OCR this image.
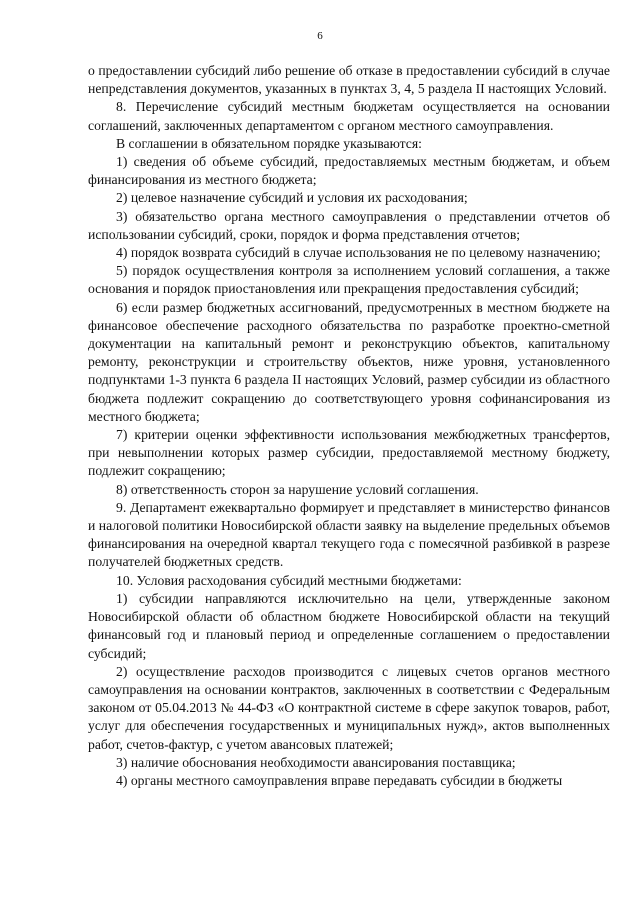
6

о предоставлении субсидий либо решение об отказе в предоставлении субсидий в случае непредставления документов, указанных в пунктах 3, 4, 5 раздела II настоящих Условий.

8. Перечисление субсидий местным бюджетам осуществляется на основании соглашений, заключенных департаментом с органом местного самоуправления.

В соглашении в обязательном порядке указываются:

1) сведения об объеме субсидий, предоставляемых местным бюджетам, и объем финансирования из местного бюджета;

2) целевое назначение субсидий и условия их расходования;

3) обязательство органа местного самоуправления о представлении отчетов об использовании субсидий, сроки, порядок и форма представления отчетов;

4) порядок возврата субсидий в случае использования не по целевому назначению;

5) порядок осуществления контроля за исполнением условий соглашения, а также основания и порядок приостановления или прекращения предоставления субсидий;

6) если размер бюджетных ассигнований, предусмотренных в местном бюджете на финансовое обеспечение расходного обязательства по разработке проектно-сметной документации на капитальный ремонт и реконструкцию объектов, капитальному ремонту, реконструкции и строительству объектов, ниже уровня, установленного подпунктами 1-3 пункта 6 раздела II настоящих Условий, размер субсидии из областного бюджета подлежит сокращению до соответствующего уровня софинансирования из местного бюджета;

7) критерии оценки эффективности использования межбюджетных трансфертов, при невыполнении которых размер субсидии, предоставляемой местному бюджету, подлежит сокращению;

8) ответственность сторон за нарушение условий соглашения.

9. Департамент ежеквартально формирует и представляет в министерство финансов и налоговой политики Новосибирской области заявку на выделение предельных объемов финансирования на очередной квартал текущего года с помесячной разбивкой в разрезе получателей бюджетных средств.

10. Условия расходования субсидий местными бюджетами:

1) субсидии направляются исключительно на цели, утвержденные законом Новосибирской области об областном бюджете Новосибирской области на текущий финансовый год и плановый период и определенные соглашением о предоставлении субсидий;

2) осуществление расходов производится с лицевых счетов органов местного самоуправления на основании контрактов, заключенных в соответствии с Федеральным законом от 05.04.2013 № 44-ФЗ «О контрактной системе в сфере закупок товаров, работ, услуг для обеспечения государственных и муниципальных нужд», актов выполненных работ, счетов-фактур, с учетом авансовых платежей;

3) наличие обоснования необходимости авансирования поставщика;

4) органы местного самоуправления вправе передавать субсидии в бюджеты
